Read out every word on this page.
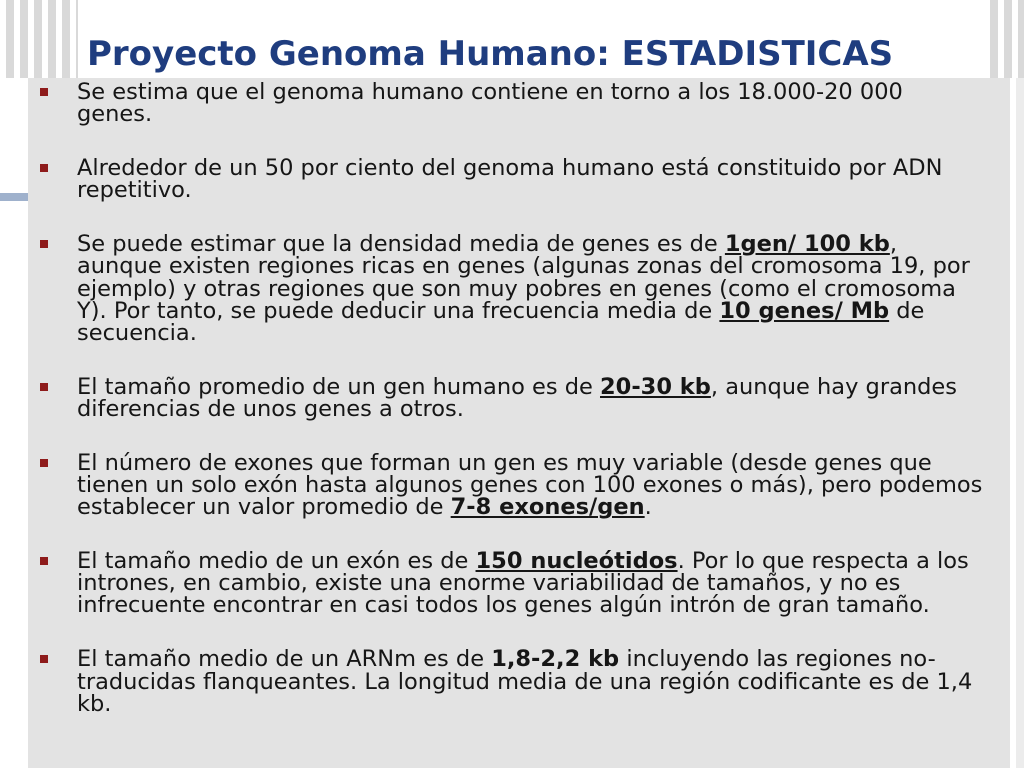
Proyecto Genoma Humano: ESTADISTICAS
Se estima que el genoma humano contiene en torno a los 18.000-20 000
genes.
Alrededor de un 50 por ciento del genoma humano está constituido por ADN
repetitivo.
Se puede estimar que la densidad media de genes es de 1gen/ 100 kb,
aunque existen regiones ricas en genes (algunas zonas del cromosoma 19, por
ejemplo) y otras regiones que son muy pobres en genes (como el cromosoma
Y). Por tanto, se puede deducir una frecuencia media de 10 genes/ Mb de
secuencia.
El tamaño promedio de un gen humano es de 20-30 kb, aunque hay grandes
diferencias de unos genes a otros.
El número de exones que forman un gen es muy variable (desde genes que
tienen un solo exón hasta algunos genes con 100 exones o más), pero podemos
establecer un valor promedio de 7-8 exones/gen.
El tamaño medio de un exón es de 150 nucleótidos. Por lo que respecta a los
intrones, en cambio, existe una enorme variabilidad de tamaños, y no es
infrecuente encontrar en casi todos los genes algún intrón de gran tamaño.
El tamaño medio de un ARNm es de 1,8-2,2 kb incluyendo las regiones no-
traducidas flanqueantes. La longitud media de una región codificante es de 1,4
kb.
